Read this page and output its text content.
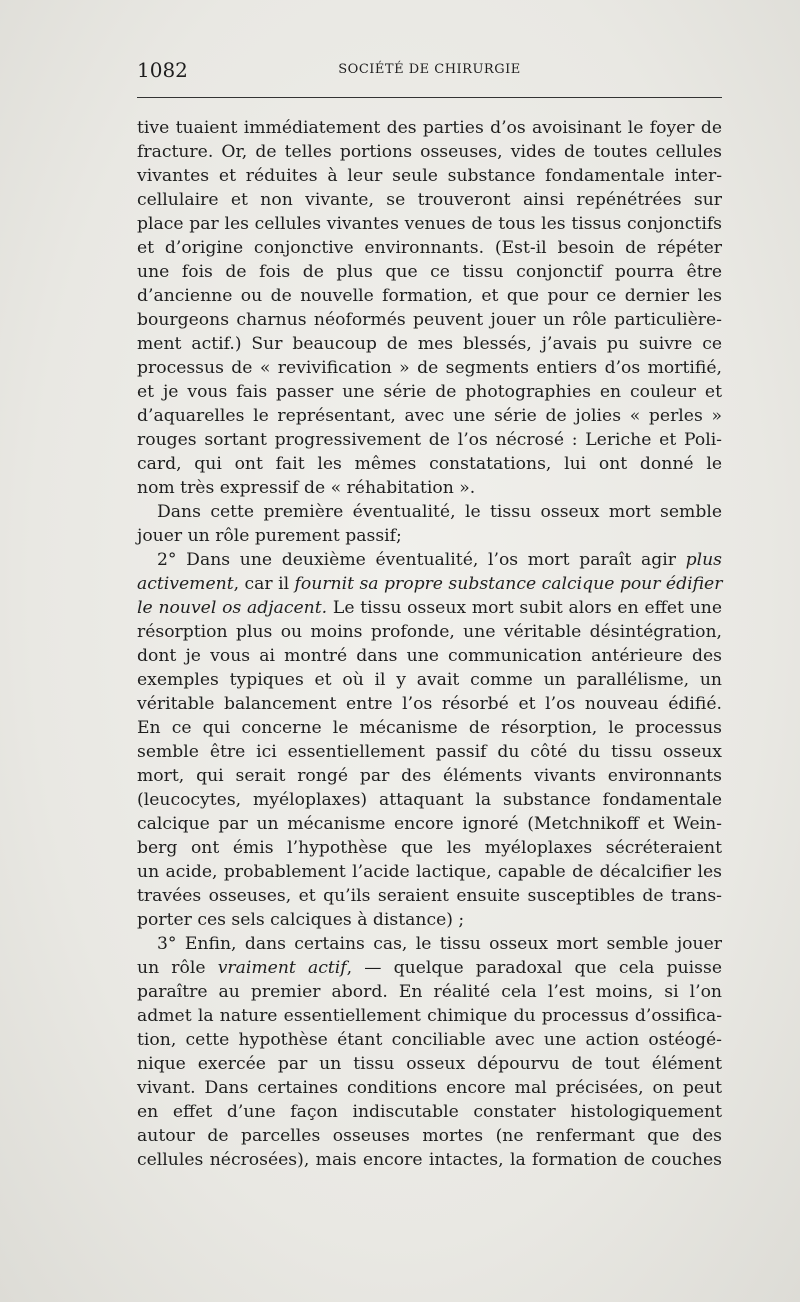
1082	SOCIÉTÉ DE CHIRURGIE
tive tuaient immédiatement des parties d’os avoisinant le foyer de
fracture. Or, de telles portions osseuses, vides de toutes cellules
vivantes et réduites à leur seule substance fondamentale inter-
cellulaire et non vivante, se trouveront ainsi repénétrées sur
place par les cellules vivantes venues de tous les tissus conjonctifs
et d’origine conjonctive environnants. (Est-il besoin de répéter
une fois de fois de plus que ce tissu conjonctif pourra être
d’ancienne ou de nouvelle formation, et que pour ce dernier les
bourgeons charnus néoformés peuvent jouer un rôle particulière-
ment actif.) Sur beaucoup de mes blessés, j’avais pu suivre ce
processus de « revivification » de segments entiers d’os mortifié,
et je vous fais passer une série de photographies en couleur et
d’aquarelles le représentant, avec une série de jolies « perles »
rouges sortant progressivement de l’os nécrosé : Leriche et Poli-
card, qui ont fait les mêmes constatations, lui ont donné le
nom très expressif de « réhabitation ».
Dans cette première éventualité, le tissu osseux mort semble
jouer un rôle purement passif;
2° Dans une deuxième éventualité, l’os mort paraît agir plus
activement, car il fournit sa propre substance calcique pour édifier
le nouvel os adjacent. Le tissu osseux mort subit alors en effet une
résorption plus ou moins profonde, une véritable désintégration,
dont je vous ai montré dans une communication antérieure des
exemples typiques et où il y avait comme un parallélisme, un
véritable balancement entre l’os résorbé et l’os nouveau édifié.
En ce qui concerne le mécanisme de résorption, le processus
semble être ici essentiellement passif du côté du tissu osseux
mort, qui serait rongé par des éléments vivants environnants
(leucocytes, myéloplaxes) attaquant la substance fondamentale
calcique par un mécanisme encore ignoré (Metchnikoff et Wein-
berg ont émis l’hypothèse que les myéloplaxes sécréteraient
un acide, probablement l’acide lactique, capable de décalcifier les
travées osseuses, et qu’ils seraient ensuite susceptibles de trans-
porter ces sels calciques à distance) ;
3° Enfin, dans certains cas, le tissu osseux mort semble jouer
un rôle vraiment actif, — quelque paradoxal que cela puisse
paraître au premier abord. En réalité cela l’est moins, si l’on
admet la nature essentiellement chimique du processus d’ossifica-
tion, cette hypothèse étant conciliable avec une action ostéogé-
nique exercée par un tissu osseux dépourvu de tout élément
vivant. Dans certaines conditions encore mal précisées, on peut
en effet d’une façon indiscutable constater histologiquement
autour de parcelles osseuses mortes (ne renfermant que des
cellules nécrosées), mais encore intactes, la formation de couches
